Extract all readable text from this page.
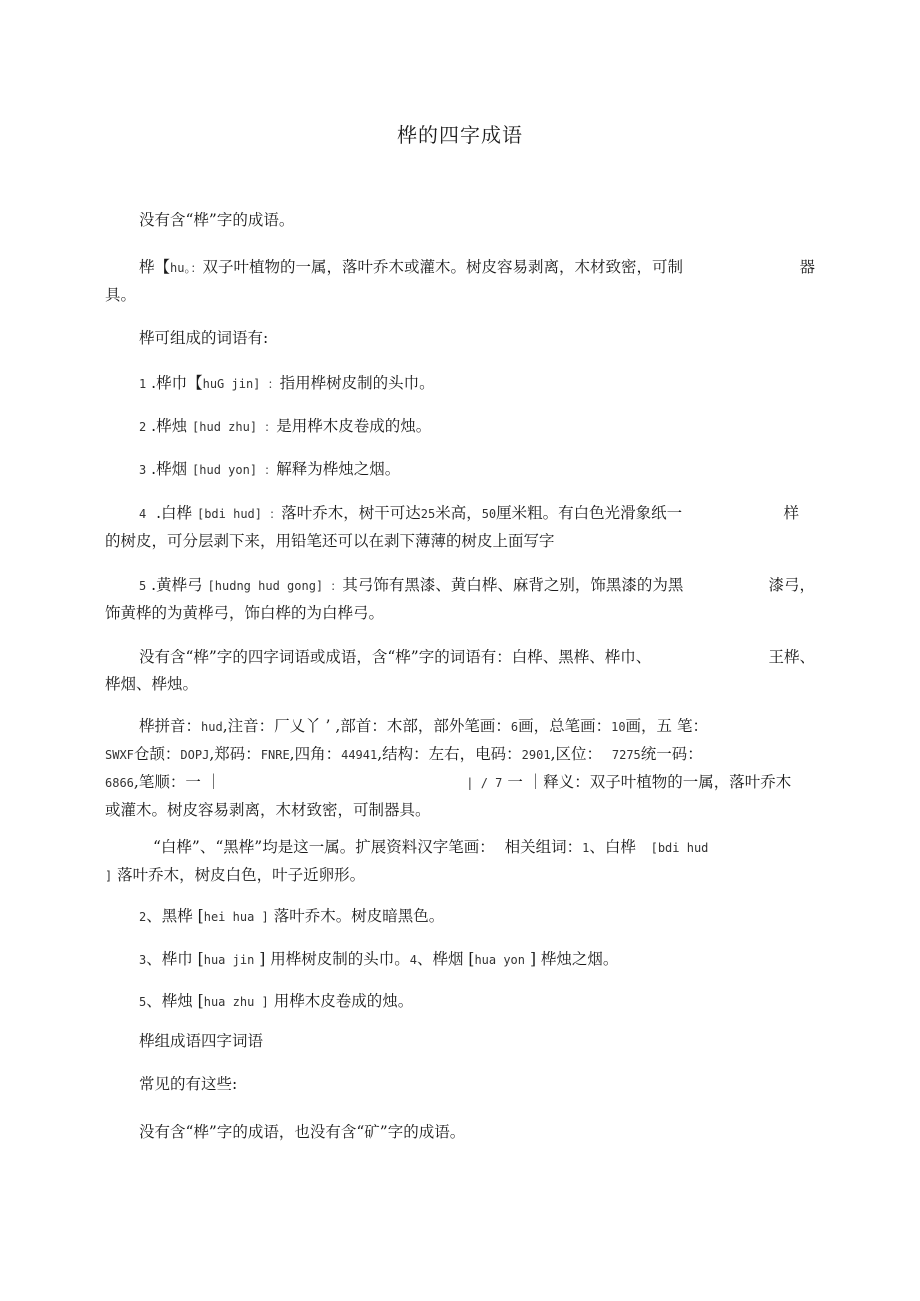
桦的四字成语
没有含“桦”字的成语。
桦【hu。：双子叶植物的一属，落叶乔木或灌木。树皮容易剥离，木材致密，可制	器
具。
桦可组成的词语有:
1 .桦巾【huG jin] ：指用桦树皮制的头巾。
2 .桦烛 [hud zhu] ：是用桦木皮卷成的烛。
3 .桦烟 [hud yon] ：解释为桦烛之烟。
4 .白桦 [bdi hud] ：落叶乔木，树干可达25米高，50厘米粗。有白色光滑象纸一	样
的树皮，可分层剥下来，用铅笔还可以在剥下薄薄的树皮上面写字
5 .黄桦弓 [hudng hud gong] ：其弓饰有黑漆、黄白桦、麻背之别，饰黑漆的为黑	漆弓，
饰黄桦的为黄桦弓，饰白桦的为白桦弓。
没有含“桦”字的四字词语或成语，含“桦”字的词语有：白桦、黑桦、桦巾、	王桦、
桦烟、桦烛。
桦拼音：hud,注音：厂乂丫 ’ ,部首：木部，部外笔画：6画，总笔画：10画，五 笔：
SWXF仓颉：DOPJ,郑码：FNRE,四角：44941,结构：左右，电码：2901,区位： 7275统一码：
6866,笔顺：一 ｜	| / 7 一 ｜释义：双子叶植物的一属，落叶乔木
或灌木。树皮容易剥离，木材致密，可制器具。
“白桦”、“黑桦”均是这一属。扩展资料汉字笔画： 相关组词：1、白桦 [bdi hud
] 落叶乔木，树皮白色，叶子近卵形。
2、黑桦 [hei hua ] 落叶乔木。树皮暗黑色。
3、桦巾 [hua jin ] 用桦树皮制的头巾。4、桦烟 [hua yon ] 桦烛之烟。
5、桦烛 [hua zhu ] 用桦木皮卷成的烛。
桦组成语四字词语
常见的有这些:
没有含“桦”字的成语，也没有含“矿”字的成语。
